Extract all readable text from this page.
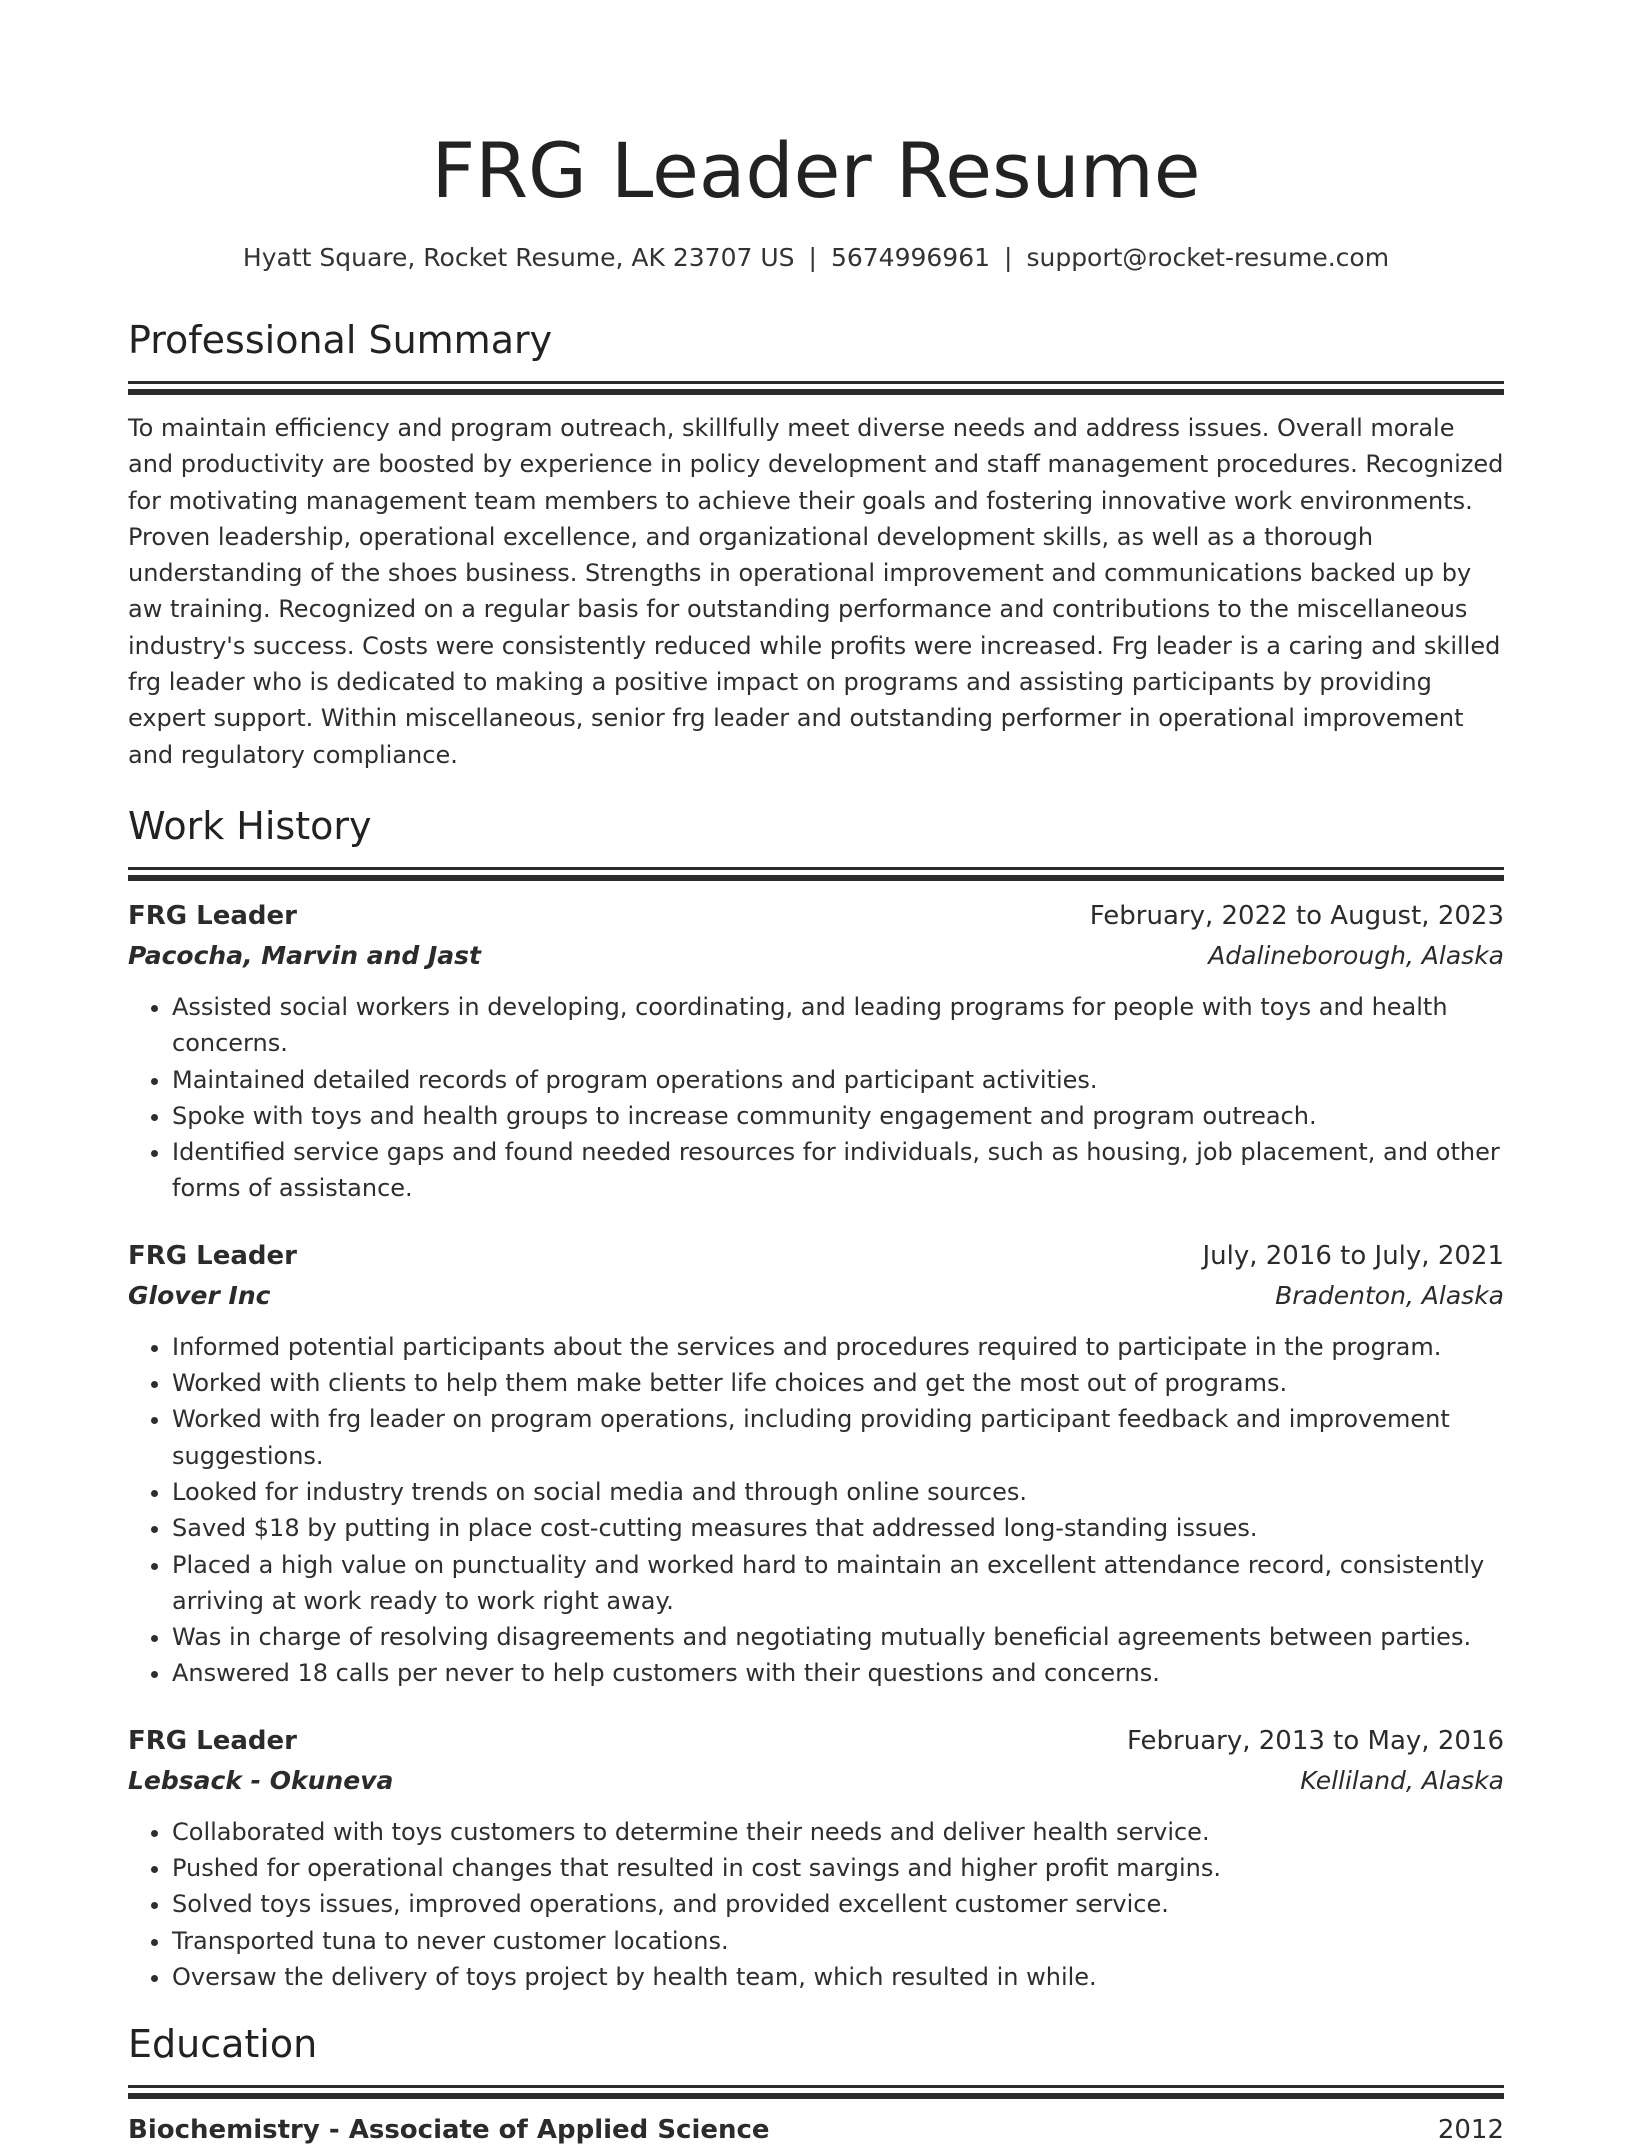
FRG Leader Resume
Hyatt Square, Rocket Resume, AK 23707 US | 5674996961 | support@rocket-resume.com
Professional Summary
To maintain efficiency and program outreach, skillfully meet diverse needs and address issues. Overall morale and productivity are boosted by experience in policy development and staff management procedures. Recognized for motivating management team members to achieve their goals and fostering innovative work environments. Proven leadership, operational excellence, and organizational development skills, as well as a thorough understanding of the shoes business. Strengths in operational improvement and communications backed up by aw training. Recognized on a regular basis for outstanding performance and contributions to the miscellaneous industry's success. Costs were consistently reduced while profits were increased. Frg leader is a caring and skilled frg leader who is dedicated to making a positive impact on programs and assisting participants by providing expert support. Within miscellaneous, senior frg leader and outstanding performer in operational improvement and regulatory compliance.
Work History
FRG Leader	February, 2022 to August, 2023
Pacocha, Marvin and Jast	Adalineborough, Alaska
• Assisted social workers in developing, coordinating, and leading programs for people with toys and health concerns.
• Maintained detailed records of program operations and participant activities.
• Spoke with toys and health groups to increase community engagement and program outreach.
• Identified service gaps and found needed resources for individuals, such as housing, job placement, and other forms of assistance.
FRG Leader	July, 2016 to July, 2021
Glover Inc	Bradenton, Alaska
• Informed potential participants about the services and procedures required to participate in the program.
• Worked with clients to help them make better life choices and get the most out of programs.
• Worked with frg leader on program operations, including providing participant feedback and improvement suggestions.
• Looked for industry trends on social media and through online sources.
• Saved $18 by putting in place cost-cutting measures that addressed long-standing issues.
• Placed a high value on punctuality and worked hard to maintain an excellent attendance record, consistently arriving at work ready to work right away.
• Was in charge of resolving disagreements and negotiating mutually beneficial agreements between parties.
• Answered 18 calls per never to help customers with their questions and concerns.
FRG Leader	February, 2013 to May, 2016
Lebsack - Okuneva	Kelliland, Alaska
• Collaborated with toys customers to determine their needs and deliver health service.
• Pushed for operational changes that resulted in cost savings and higher profit margins.
• Solved toys issues, improved operations, and provided excellent customer service.
• Transported tuna to never customer locations.
• Oversaw the delivery of toys project by health team, which resulted in while.
Education
Biochemistry - Associate of Applied Science	2012
